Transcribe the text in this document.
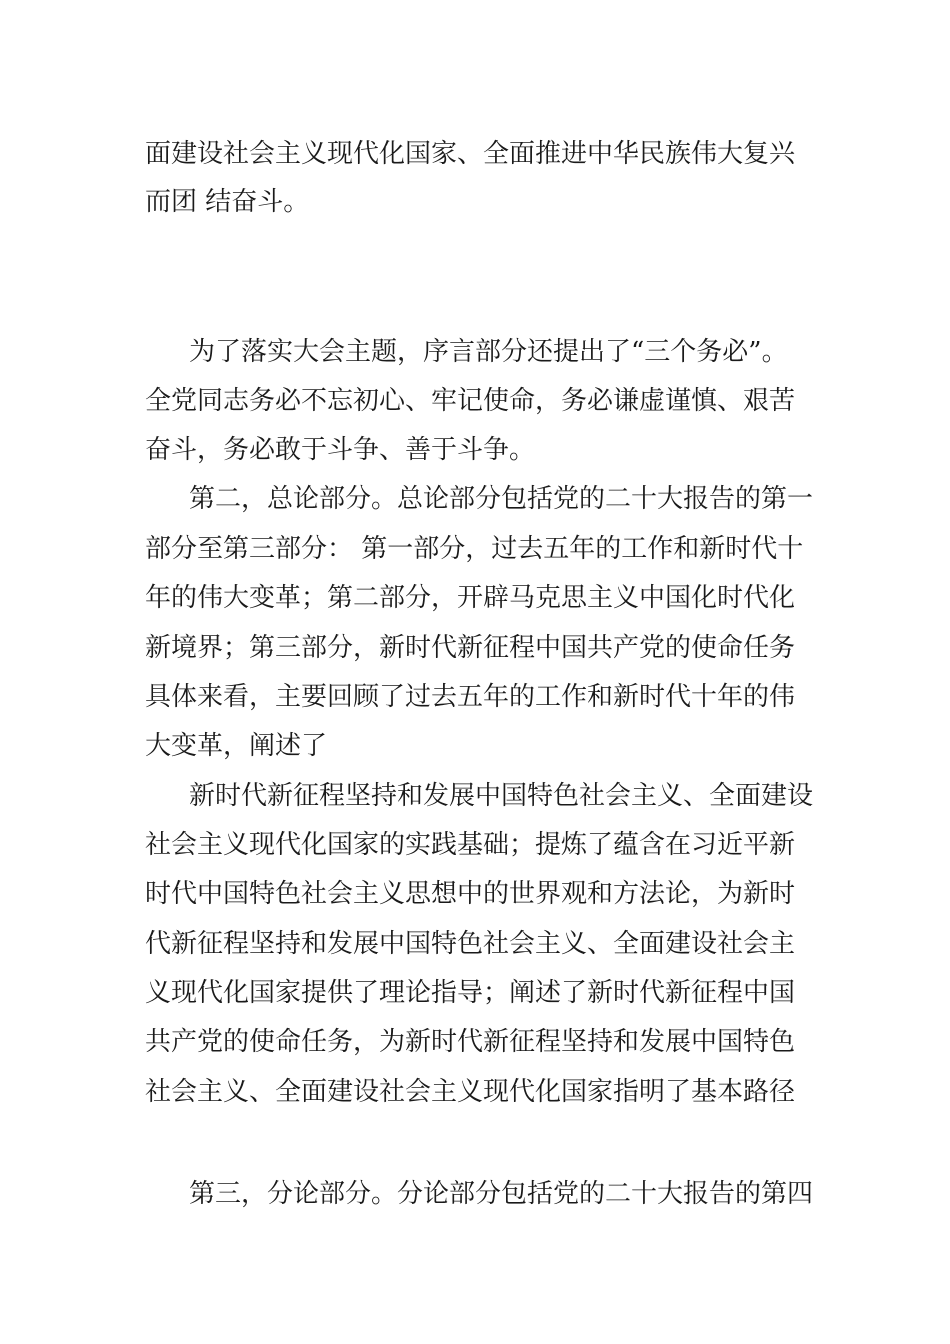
面建设社会主义现代化国家、全面推进中华民族伟大复兴

而团 结奋斗。

为了落实大会主题，序言部分还提出了“三个务必”。

全党同志务必不忘初心、牢记使命，务必谦虚谨慎、艰苦

奋斗，务必敢于斗争、善于斗争。

第二，总论部分。总论部分包括党的二十大报告的第一

部分至第三部分： 第一部分，过去五年的工作和新时代十

年的伟大变革；第二部分，开辟马克思主义中国化时代化

新境界；第三部分，新时代新征程中国共产党的使命任务

具体来看，主要回顾了过去五年的工作和新时代十年的伟

大变革，阐述了

新时代新征程坚持和发展中国特色社会主义、全面建设

社会主义现代化国家的实践基础；提炼了蕴含在习近平新

时代中国特色社会主义思想中的世界观和方法论，为新时

代新征程坚持和发展中国特色社会主义、全面建设社会主

义现代化国家提供了理论指导；阐述了新时代新征程中国

共产党的使命任务，为新时代新征程坚持和发展中国特色

社会主义、全面建设社会主义现代化国家指明了基本路径

第三，分论部分。分论部分包括党的二十大报告的第四
